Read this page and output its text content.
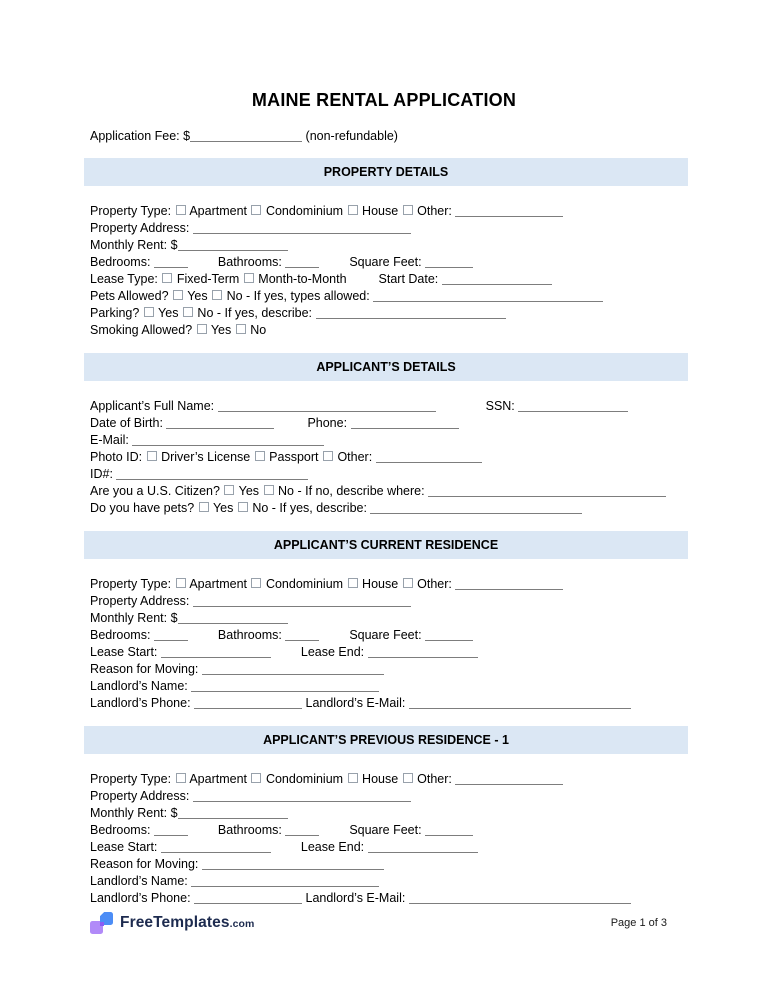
MAINE RENTAL APPLICATION
Application Fee: $	(non-refundable)
PROPERTY DETAILS
Property Type:  Apartment  Condominium  House  Other:
Property Address:
Monthly Rent: $
Bedrooms:	Bathrooms:	Square Feet:
Lease Type:  Fixed-Term  Month-to-Month	Start Date:
Pets Allowed?  Yes  No - If yes, types allowed:
Parking?  Yes  No - If yes, describe:
Smoking Allowed?  Yes  No
APPLICANT’S DETAILS
Applicant’s Full Name:	SSN:
Date of Birth:	Phone:
E-Mail:
Photo ID:  Driver’s License  Passport  Other:
ID#:
Are you a U.S. Citizen?  Yes  No - If no, describe where:
Do you have pets?  Yes  No - If yes, describe:
APPLICANT’S CURRENT RESIDENCE
Property Type:  Apartment  Condominium  House  Other:
Property Address:
Monthly Rent: $
Bedrooms:	Bathrooms:	Square Feet:
Lease Start:	Lease End:
Reason for Moving:
Landlord’s Name:
Landlord’s Phone:	Landlord’s E-Mail:
APPLICANT’S PREVIOUS RESIDENCE - 1
Property Type:  Apartment  Condominium  House  Other:
Property Address:
Monthly Rent: $
Bedrooms:	Bathrooms:	Square Feet:
Lease Start:	Lease End:
Reason for Moving:
Landlord’s Name:
Landlord’s Phone:	Landlord’s E-Mail:
FreeTemplates.com	Page 1 of 3
